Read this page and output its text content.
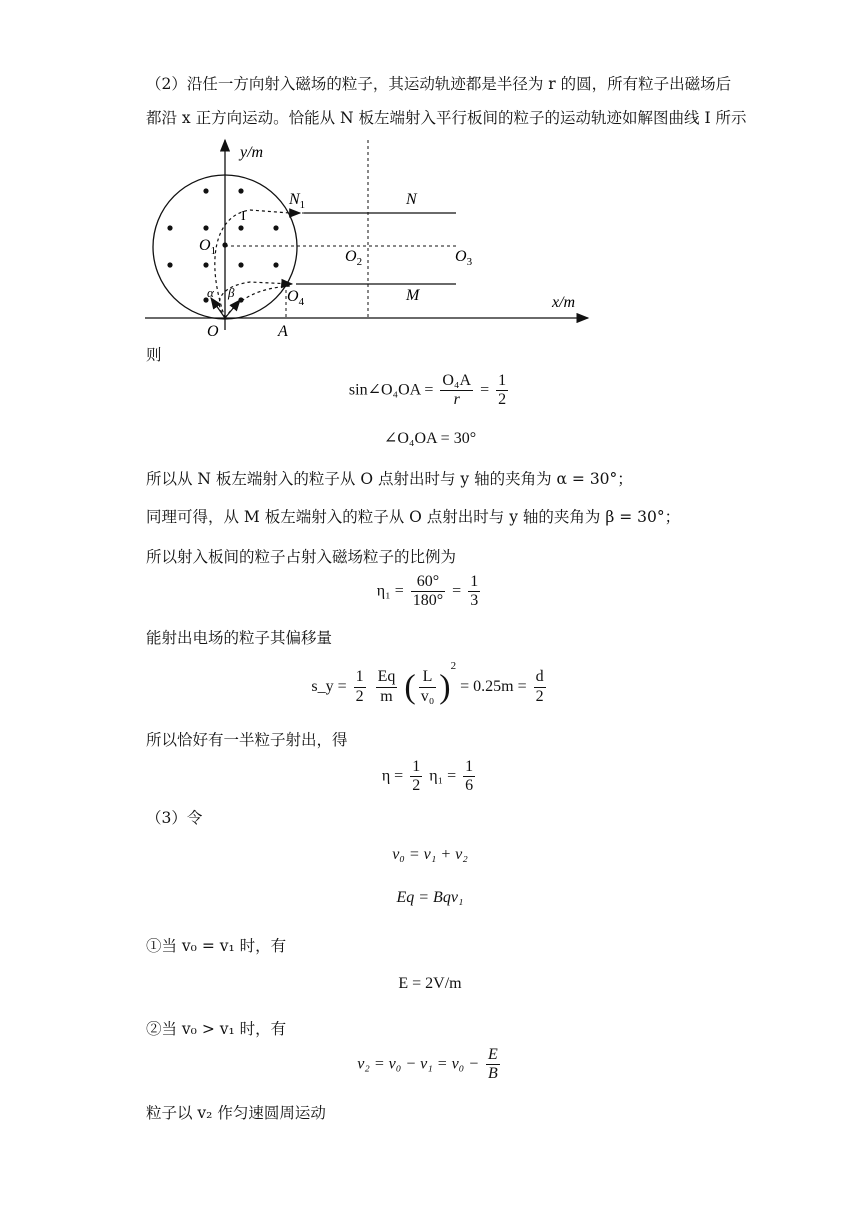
（2）沿任一方向射入磁场的粒子，其运动轨迹都是半径为 r 的圆，所有粒子出磁场后
都沿 x 正方向运动。恰能从 N 板左端射入平行板间的粒子的运动轨迹如解图曲线 I 所示
y/m
x/m
$N_1$	N
M
$O_1$	$O_2$	$O_3$
$O_4$
O	A
I
α β
则
sin∠O₄OA = $\frac{\text{O₄A}}{r} = \frac{1}{2}$
∠O₄OA = 30°
所以从 N 板左端射入的粒子从 O 点射出时与 y 轴的夹角为 α = 30°；
同理可得，从 M 板左端射入的粒子从 O 点射出时与 y 轴的夹角为 β = 30°；
所以射入板间的粒子占射入磁场粒子的比例为
$\eta_1 = \frac{60^\circ}{180^\circ} = \frac{1}{3}$
能射出电场的粒子其偏移量
s_y = $\frac{1}{2}$
$\frac{Eq}{m}$ ( $\frac{L}{\text{v₀}} )^2 = 0.25m = \frac{d}{2}$
所以恰好有一半粒子射出，得
$\eta = \frac{1}{2} \eta_1 = \frac{1}{6}$
（3）令
v₀ = v₁ + v₂
Eq = Bqv₁
①当 v₀ = v₁ 时，有
E = 2V/m
②当 v₀ > v₁ 时，有
$v_2 = v_0 - v_1 = v_0 - \frac{E}{B}$
粒子以 v₂ 作匀速圆周运动
